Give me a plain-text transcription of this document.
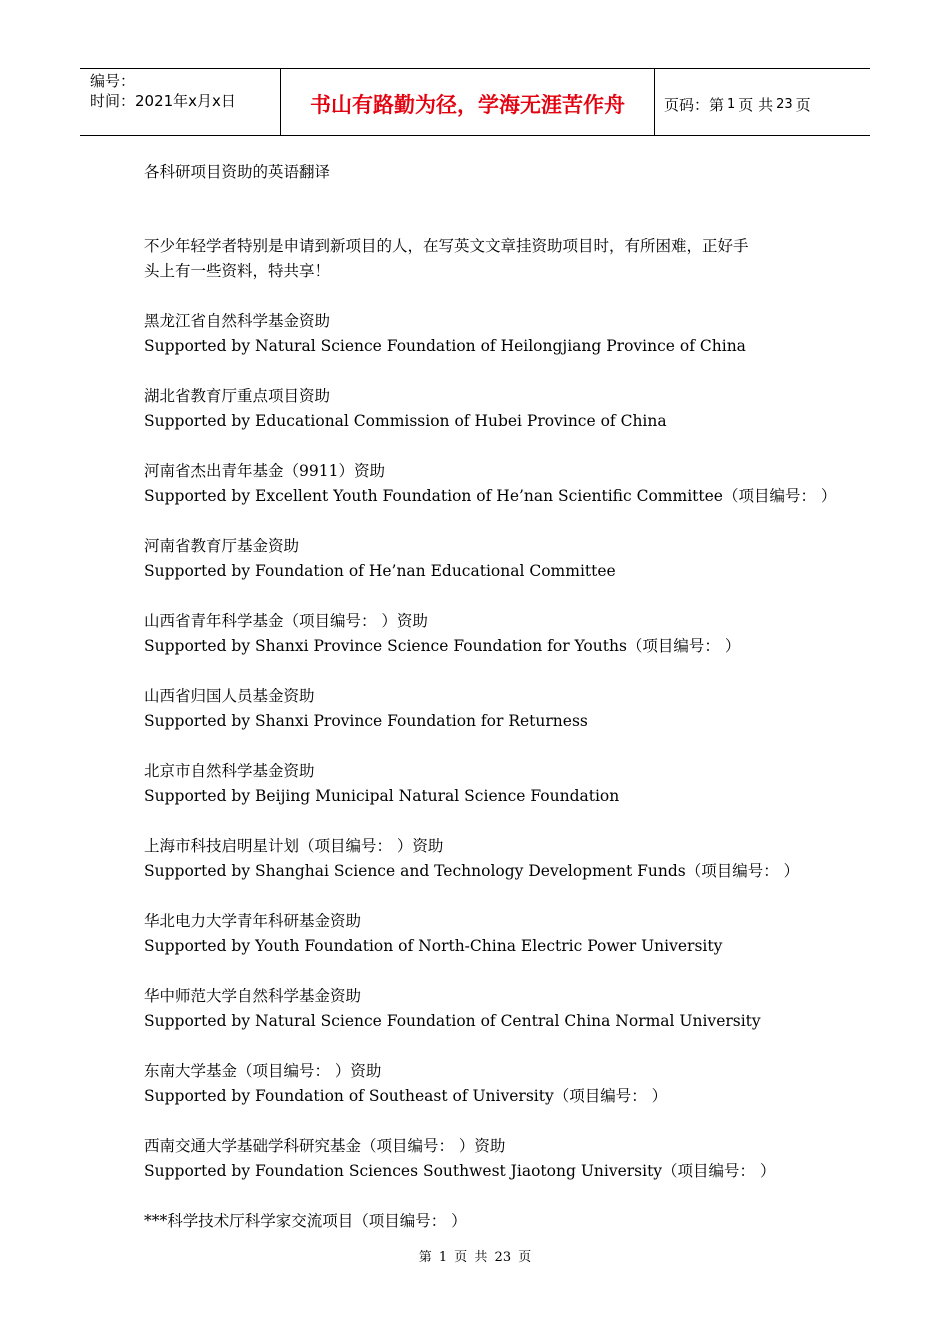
编号：
时间：2021年x月x日	书山有路勤为径，学海无涯苦作舟	页码：第 1 页 共 23 页
各科研项目资助的英语翻译
不少年轻学者特别是申请到新项目的人，在写英文文章挂资助项目时，有所困难，正好手
头上有一些资料，特共享！
黑龙江省自然科学基金资助
Supported by Natural Science Foundation of Heilongjiang Province of China
湖北省教育厅重点项目资助
Supported by Educational Commission of Hubei Province of China
河南省杰出青年基金（9911）资助
Supported by Excellent Youth Foundation of He’nan Scientific Committee（项目编号： ）
河南省教育厅基金资助
Supported by Foundation of He’nan Educational Committee
山西省青年科学基金（项目编号： ）资助
Supported by Shanxi Province Science Foundation for Youths（项目编号： ）
山西省归国人员基金资助
Supported by Shanxi Province Foundation for Returness
北京市自然科学基金资助
Supported by Beijing Municipal Natural Science Foundation
上海市科技启明星计划（项目编号： ）资助
Supported by Shanghai Science and Technology Development Funds（项目编号： ）
华北电力大学青年科研基金资助
Supported by Youth Foundation of North-China Electric Power University
华中师范大学自然科学基金资助
Supported by Natural Science Foundation of Central China Normal University
东南大学基金（项目编号： ）资助
Supported by Foundation of Southeast of University（项目编号： ）
西南交通大学基础学科研究基金（项目编号： ）资助
Supported by Foundation Sciences Southwest Jiaotong University（项目编号： ）
***科学技术厅科学家交流项目（项目编号： ）
第 1 页 共 23 页
